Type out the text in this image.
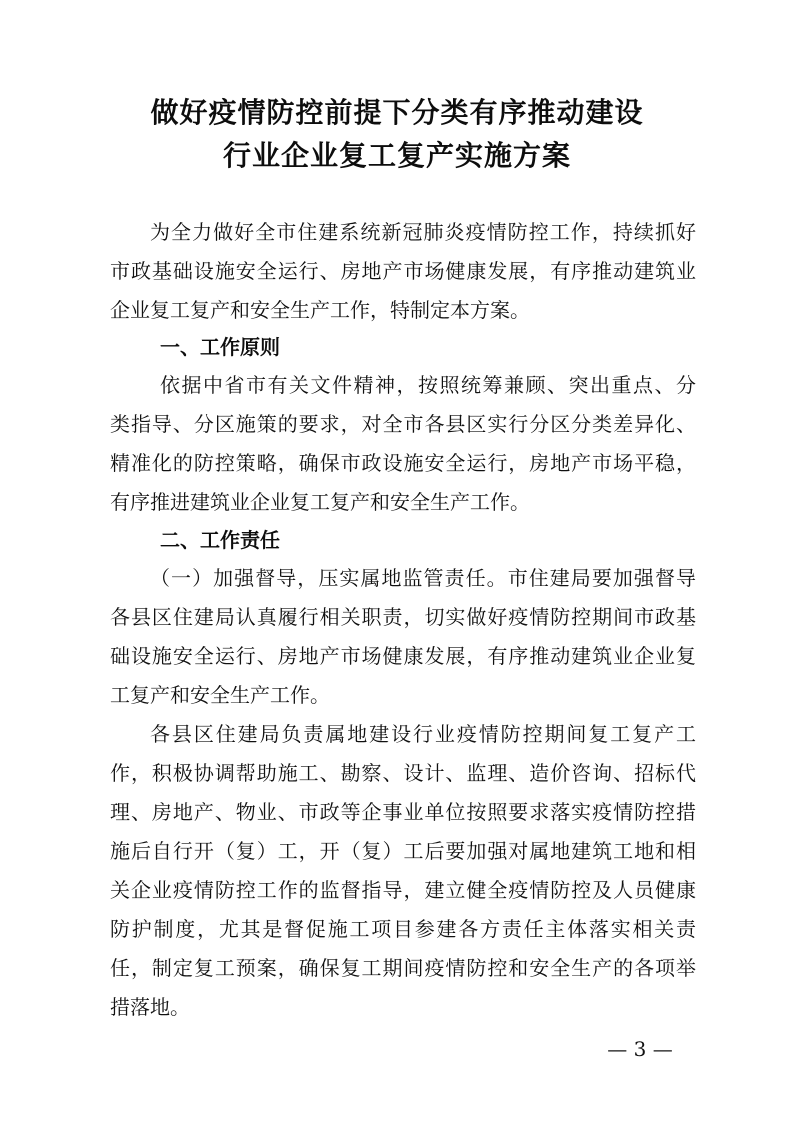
做好疫情防控前提下分类有序推动建设
行业企业复工复产实施方案
为全力做好全市住建系统新冠肺炎疫情防控工作，持续抓好
市政基础设施安全运行、房地产市场健康发展，有序推动建筑业
企业复工复产和安全生产工作，特制定本方案。
一、工作原则
依据中省市有关文件精神，按照统筹兼顾、突出重点、分
类指导、分区施策的要求，对全市各县区实行分区分类差异化、
精准化的防控策略，确保市政设施安全运行，房地产市场平稳，
有序推进建筑业企业复工复产和安全生产工作。
二、工作责任
（一）加强督导，压实属地监管责任。市住建局要加强督导
各县区住建局认真履行相关职责，切实做好疫情防控期间市政基
础设施安全运行、房地产市场健康发展，有序推动建筑业企业复
工复产和安全生产工作。
各县区住建局负责属地建设行业疫情防控期间复工复产工
作，积极协调帮助施工、勘察、设计、监理、造价咨询、招标代
理、房地产、物业、市政等企事业单位按照要求落实疫情防控措
施后自行开（复）工，开（复）工后要加强对属地建筑工地和相
关企业疫情防控工作的监督指导，建立健全疫情防控及人员健康
防护制度，尤其是督促施工项目参建各方责任主体落实相关责
任，制定复工预案，确保复工期间疫情防控和安全生产的各项举
措落地。
— 3 —
